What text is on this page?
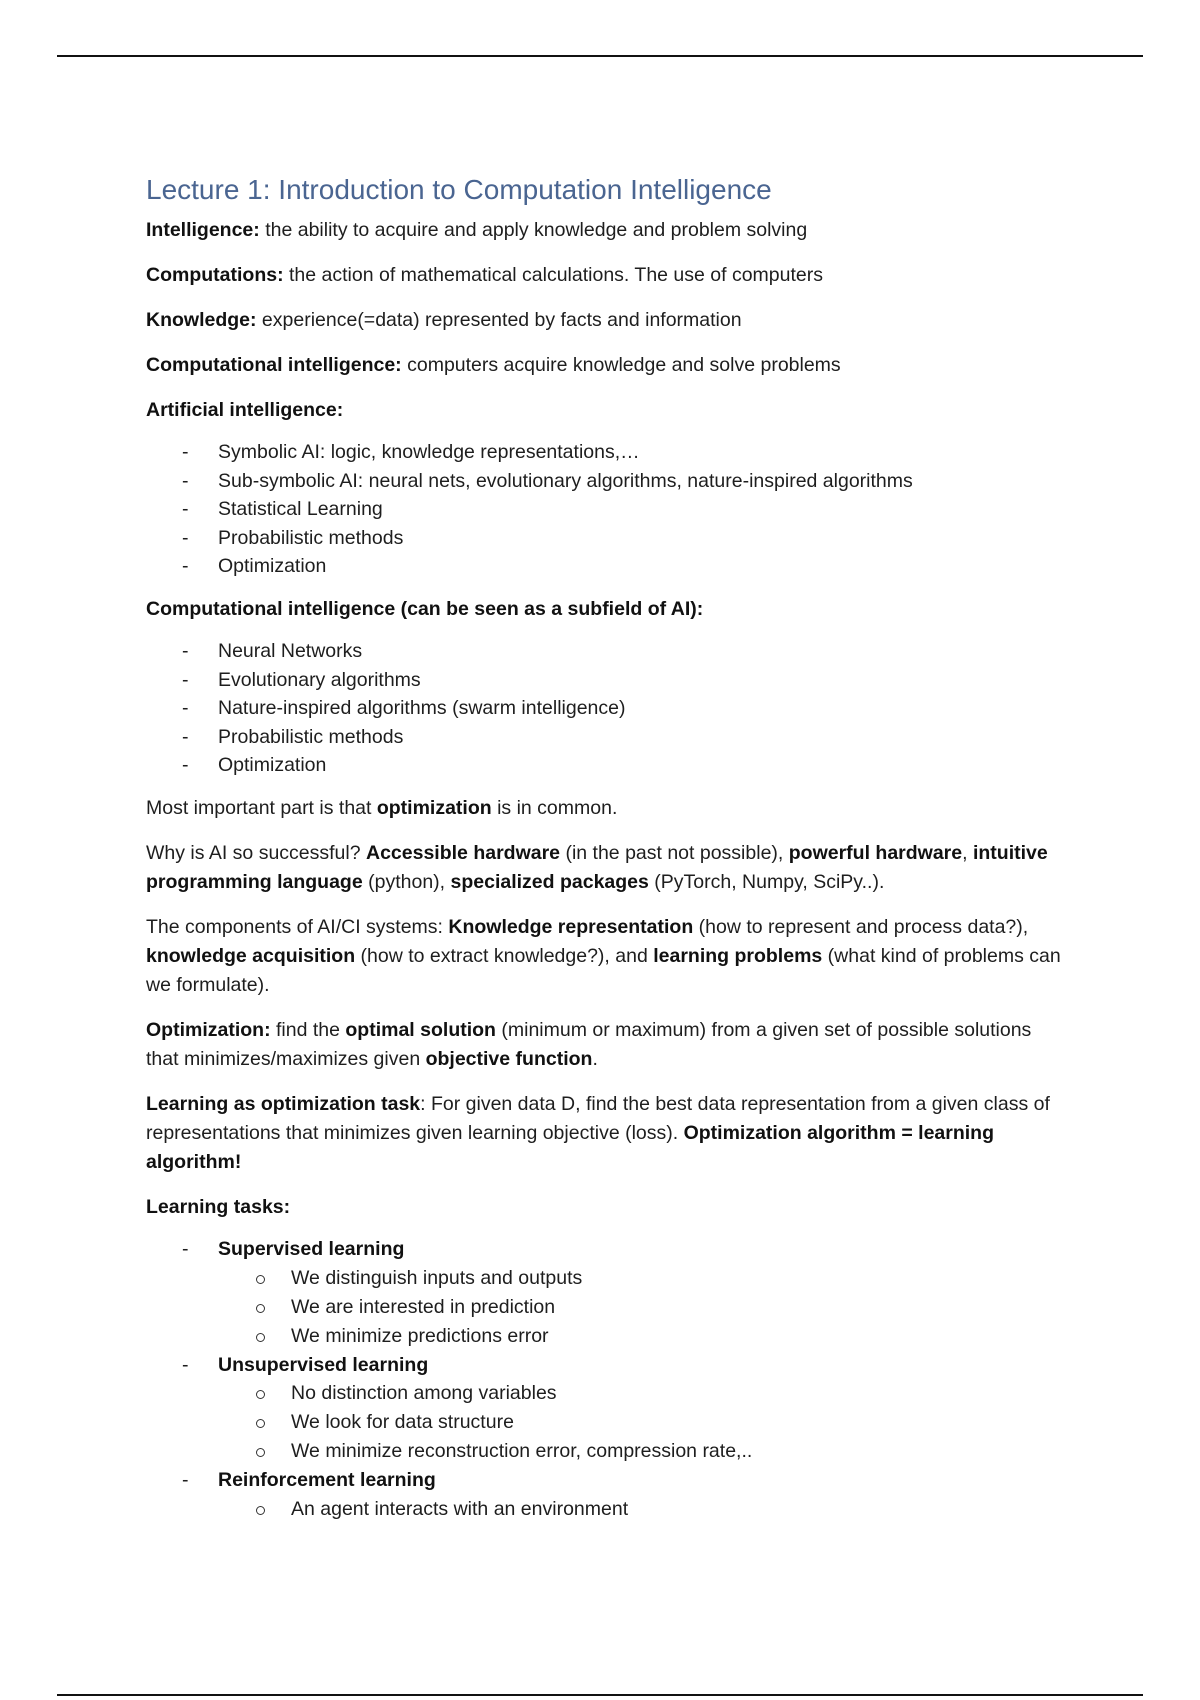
Lecture 1: Introduction to Computation Intelligence

Intelligence: the ability to acquire and apply knowledge and problem solving

Computations: the action of mathematical calculations. The use of computers

Knowledge: experience(=data) represented by facts and information

Computational intelligence: computers acquire knowledge and solve problems

Artificial intelligence:

- Symbolic AI: logic, knowledge representations,…
- Sub-symbolic AI: neural nets, evolutionary algorithms, nature-inspired algorithms
- Statistical Learning
- Probabilistic methods
- Optimization

Computational intelligence (can be seen as a subfield of AI):

- Neural Networks
- Evolutionary algorithms
- Nature-inspired algorithms (swarm intelligence)
- Probabilistic methods
- Optimization

Most important part is that optimization is in common.

Why is AI so successful? Accessible hardware (in the past not possible), powerful hardware, intuitive programming language (python), specialized packages (PyTorch, Numpy, SciPy..).

The components of AI/CI systems: Knowledge representation (how to represent and process data?), knowledge acquisition (how to extract knowledge?), and learning problems (what kind of problems can we formulate).

Optimization: find the optimal solution (minimum or maximum) from a given set of possible solutions that minimizes/maximizes given objective function.

Learning as optimization task: For given data D, find the best data representation from a given class of representations that minimizes given learning objective (loss). Optimization algorithm = learning algorithm!

Learning tasks:

- Supervised learning
We distinguish inputs and outputs
We are interested in prediction
We minimize predictions error
- Unsupervised learning
No distinction among variables
We look for data structure
We minimize reconstruction error, compression rate,..
- Reinforcement learning
An agent interacts with an environment
